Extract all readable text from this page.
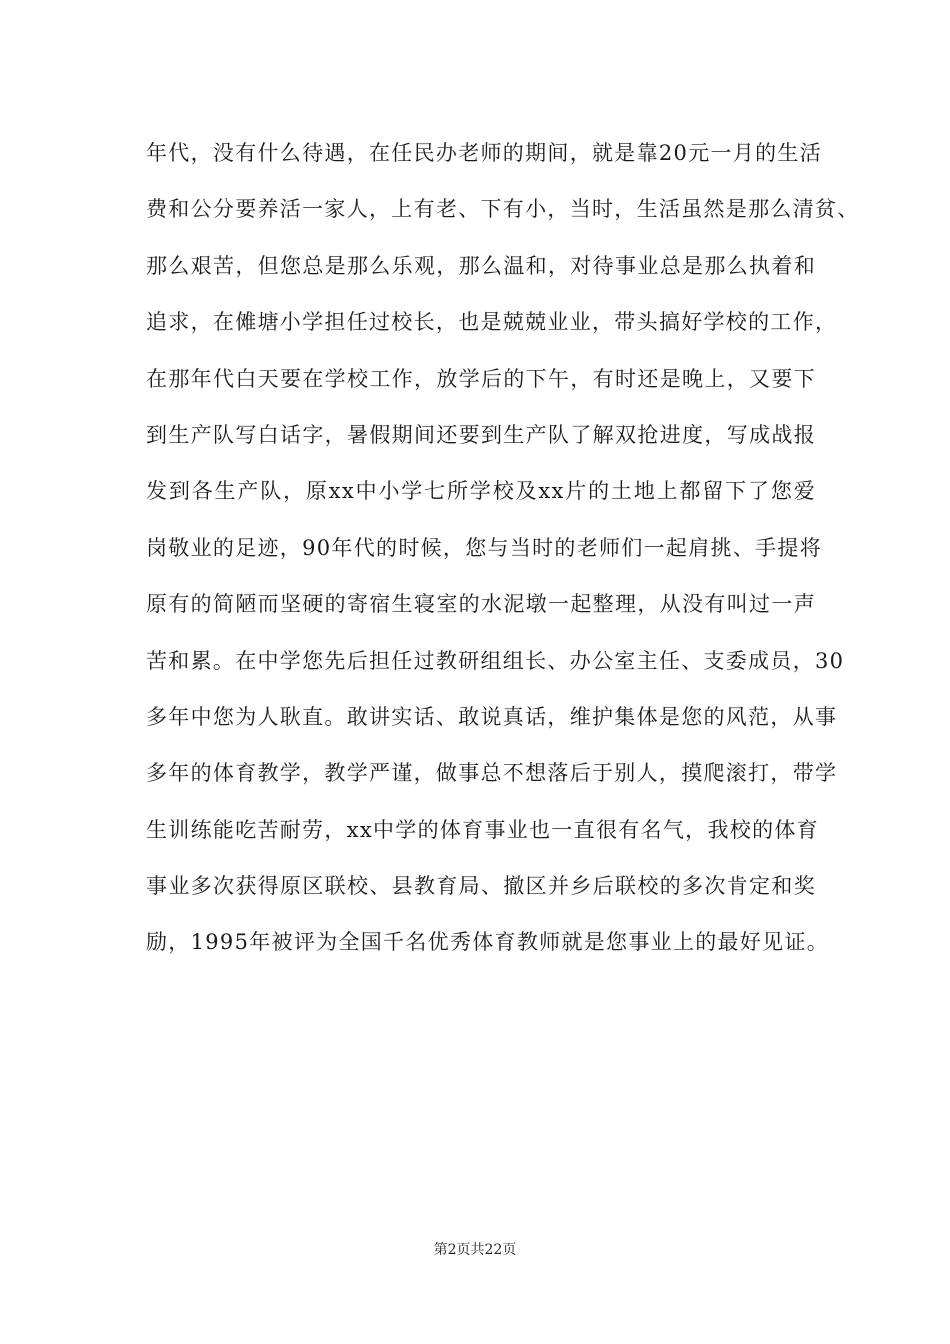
年代，没有什么待遇，在任民办老师的期间，就是靠20元一月的生活
费和公分要养活一家人，上有老、下有小，当时，生活虽然是那么清贫、
那么艰苦，但您总是那么乐观，那么温和，对待事业总是那么执着和
追求，在傩塘小学担任过校长，也是兢兢业业，带头搞好学校的工作，
在那年代白天要在学校工作，放学后的下午，有时还是晚上，又要下
到生产队写白话字，暑假期间还要到生产队了解双抢进度，写成战报
发到各生产队，原xx中小学七所学校及xx片的土地上都留下了您爱
岗敬业的足迹，90年代的时候，您与当时的老师们一起肩挑、手提将
原有的简陋而坚硬的寄宿生寝室的水泥墩一起整理，从没有叫过一声
苦和累。在中学您先后担任过教研组组长、办公室主任、支委成员，30
多年中您为人耿直。敢讲实话、敢说真话，维护集体是您的风范，从事
多年的体育教学，教学严谨，做事总不想落后于别人，摸爬滚打，带学
生训练能吃苦耐劳，xx中学的体育事业也一直很有名气，我校的体育
事业多次获得原区联校、县教育局、撤区并乡后联校的多次肯定和奖
励，1995年被评为全国千名优秀体育教师就是您事业上的最好见证。
第2页共22页
